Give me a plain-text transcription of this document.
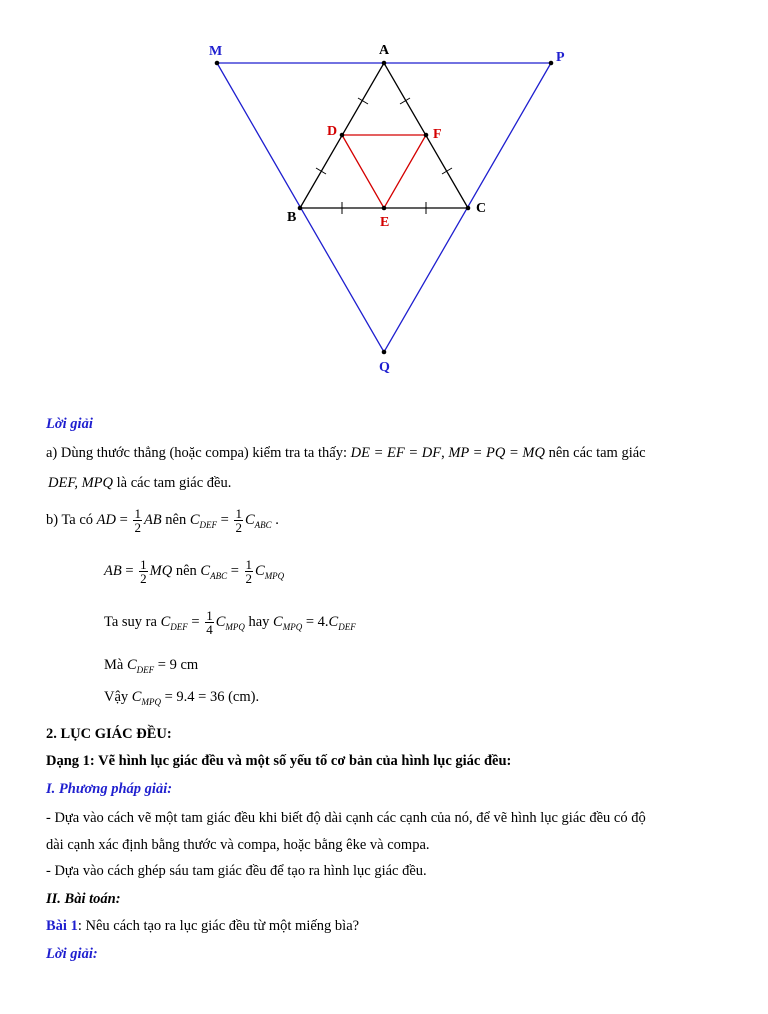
M	A	P
D	F
B	E
C
Q
Lời giải
a) Dùng thước thẳng (hoặc compa) kiểm tra ta thấy: DE = EF = DF, MP = PQ = MQ nên các tam giác
DEF, MPQ là các tam giác đều.
b) Ta có AD = $\frac{1}{2}$ AB nên $C_{DEF} = \frac{1}{2} C_{ABC}$ .
AB = $\frac{1}{2}$ MQ nên $C_{ABC} = \frac{1}{2} C_{MPQ}$
Ta suy ra $C_{DEF} = \frac{1}{4} C_{MPQ}$ hay $C_{MPQ} = 4.C_{DEF}$
Mà $C_{DEF} = 9$ cm
Vậy $C_{MPQ} = 9.4 = 36$ (cm).
2. LỤC GIÁC ĐỀU:
Dạng 1: Vẽ hình lục giác đều và một số yếu tố cơ bản của hình lục giác đều:
I. Phương pháp giải:
- Dựa vào cách vẽ một tam giác đều khi biết độ dài cạnh các cạnh của nó, để vẽ hình lục giác đều có độ
dài cạnh xác định bằng thước và compa, hoặc bằng êke và compa.
- Dựa vào cách ghép sáu tam giác đều để tạo ra hình lục giác đều.
II. Bài toán:
Bài 1: Nêu cách tạo ra lục giác đều từ một miếng bìa?
Lời giải:
